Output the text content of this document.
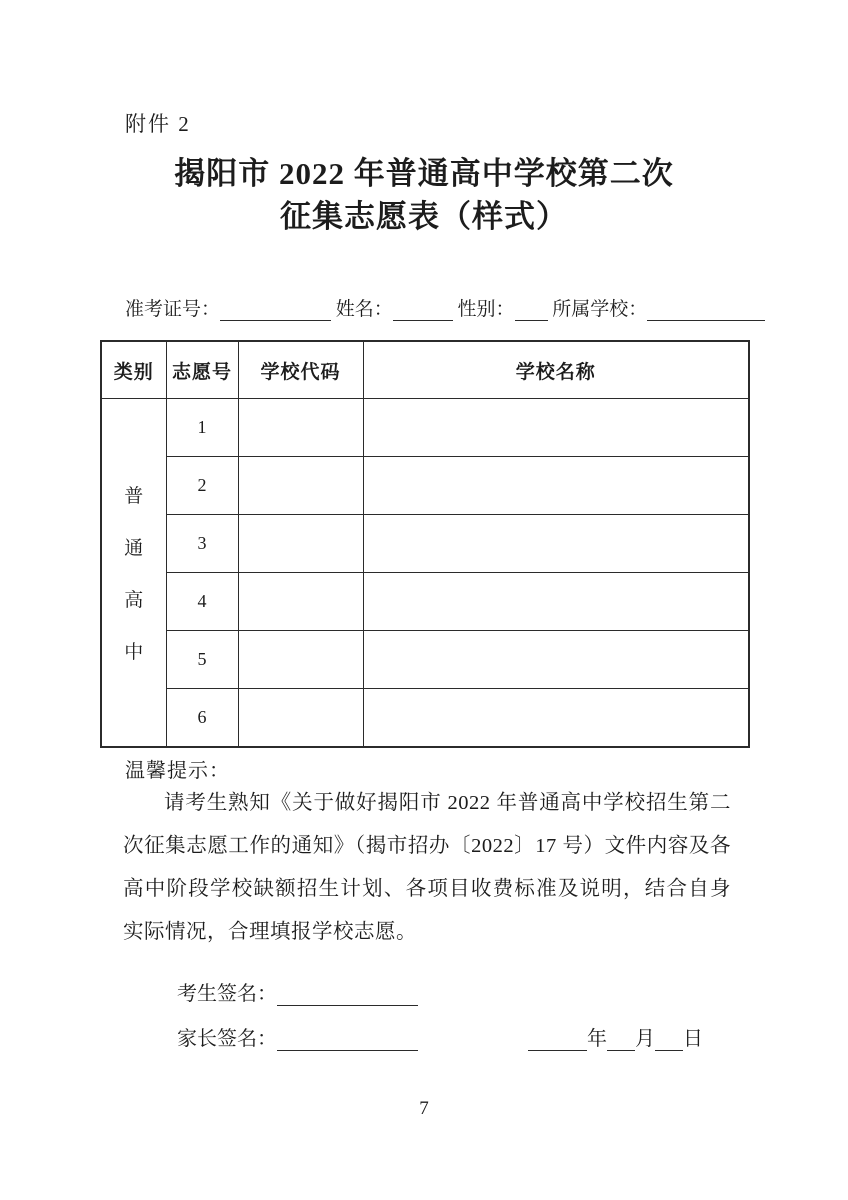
附件 2
揭阳市 2022 年普通高中学校第二次
征集志愿表（样式）
准考证号：	姓名：	性别： 所属学校：
类别	志愿号	学校代码	学校名称

普
通
高
中	1		
	2		
	3		
	4		
	5		
	6		
温馨提示：
请考生熟知《关于做好揭阳市 2022 年普通高中学校招生第二次征集志愿工作的通知》（揭市招办〔2022〕17 号）文件内容及各高中阶段学校缺额招生计划、各项目收费标准及说明，结合自身实际情况，合理填报学校志愿。
考生签名：
家长签名：	年 月 日
7
